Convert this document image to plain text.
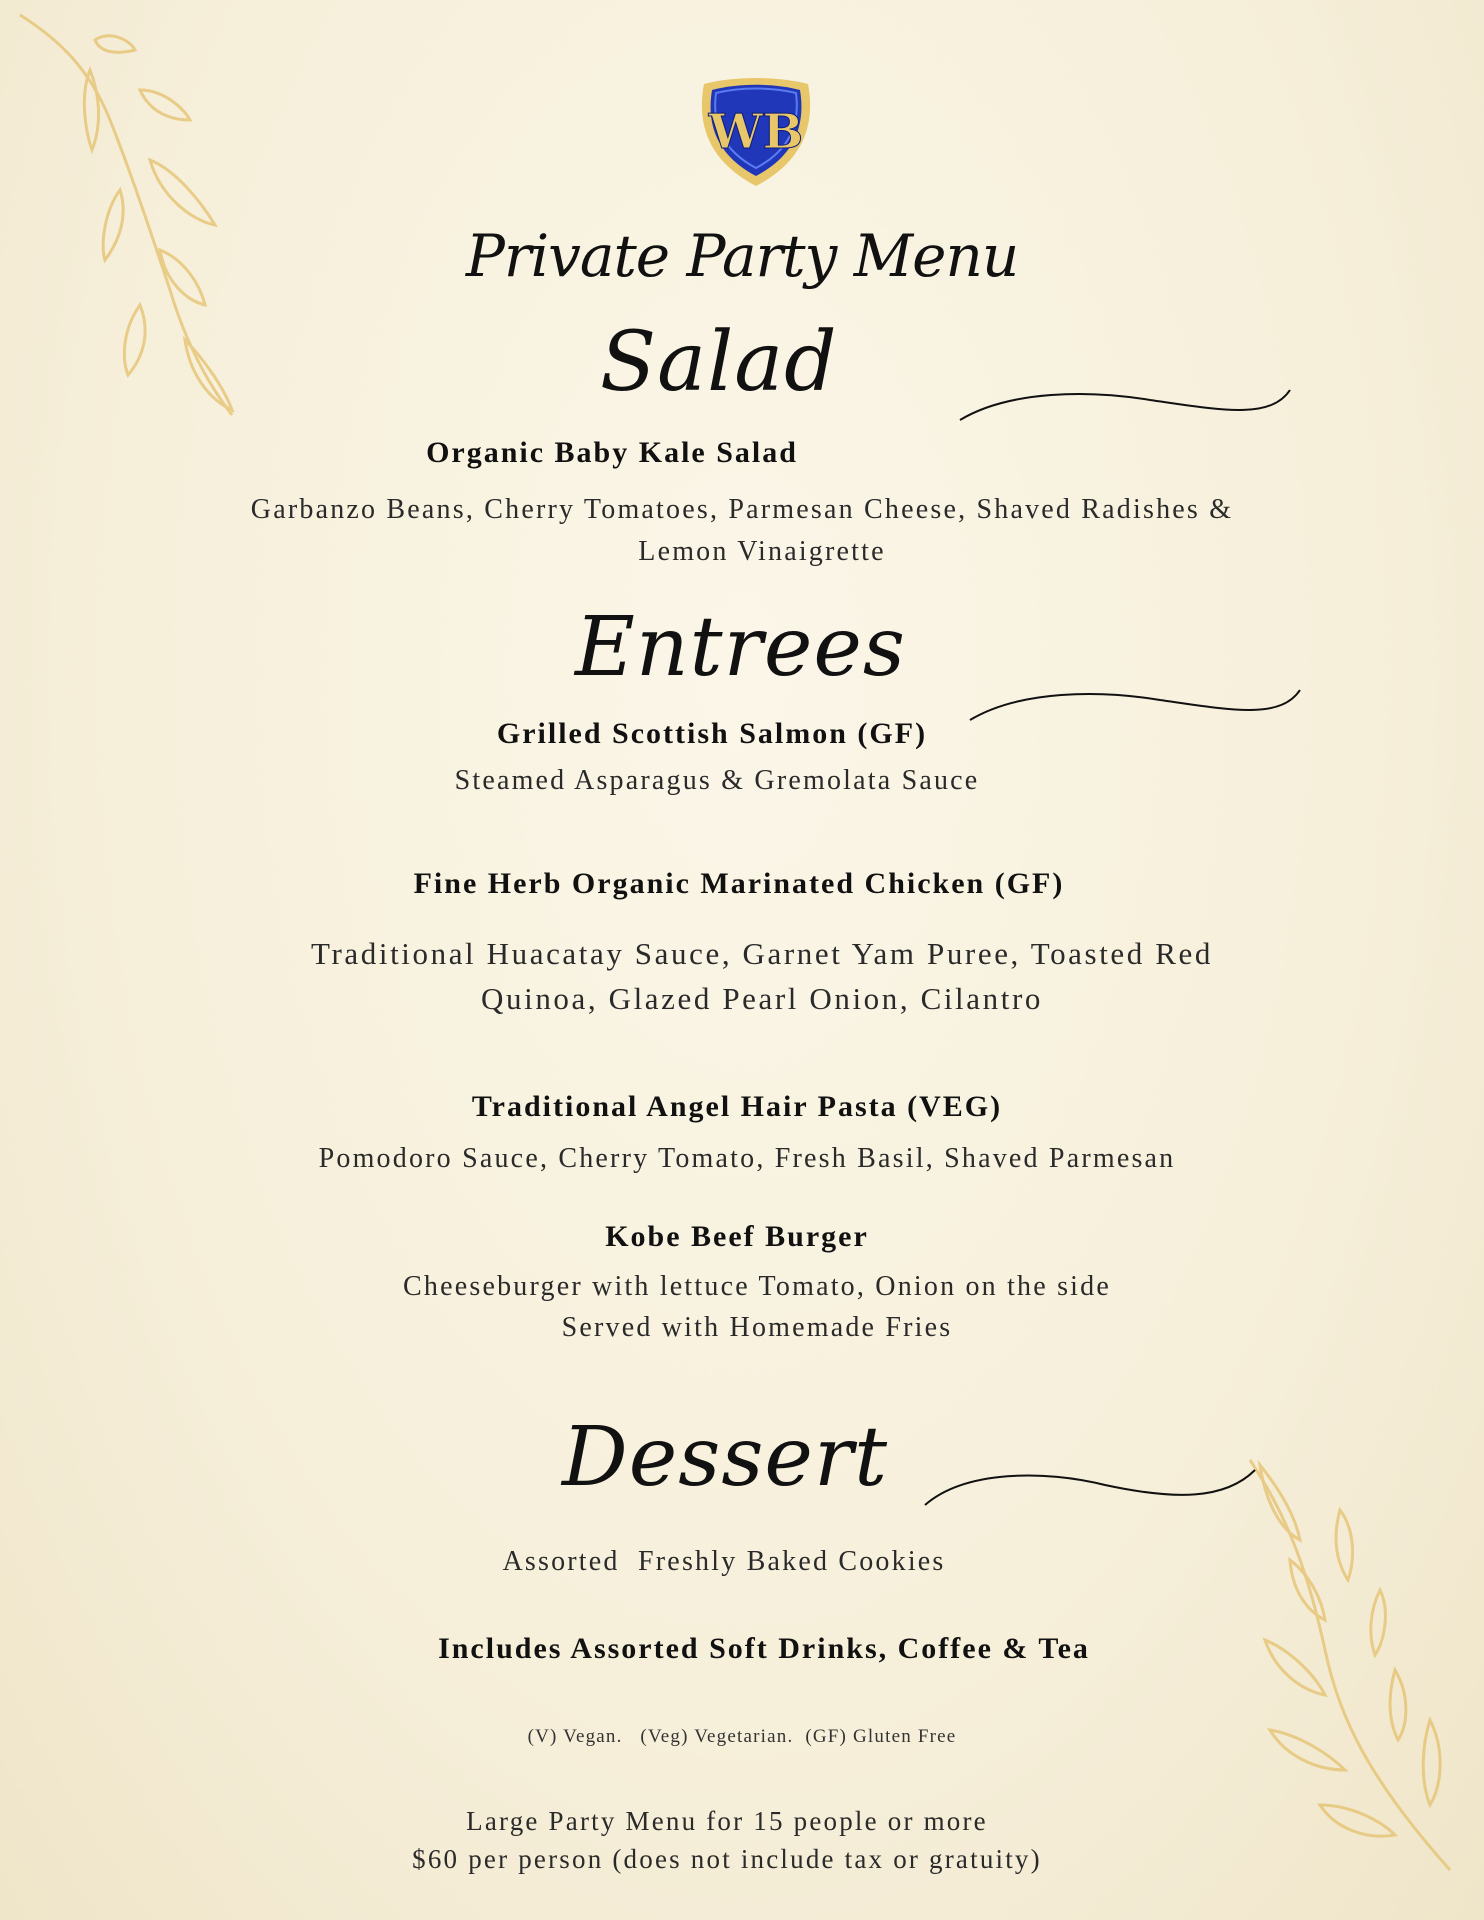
WB
Private Party Menu
Salad
Organic Baby Kale Salad
Garbanzo Beans, Cherry Tomatoes, Parmesan Cheese, Shaved Radishes &
Lemon Vinaigrette
Entrees
Grilled Scottish Salmon (GF)
Steamed Asparagus & Gremolata Sauce
Fine Herb Organic Marinated Chicken (GF)
Traditional Huacatay Sauce, Garnet Yam Puree, Toasted Red
Quinoa, Glazed Pearl Onion, Cilantro
Traditional Angel Hair Pasta (VEG)
Pomodoro Sauce, Cherry Tomato, Fresh Basil, Shaved Parmesan
Kobe Beef Burger
Cheeseburger with lettuce Tomato, Onion on the side
Served with Homemade Fries
Dessert
Assorted  Freshly Baked Cookies
Includes Assorted Soft Drinks, Coffee & Tea
(V) Vegan.   (Veg) Vegetarian.  (GF) Gluten Free
Large Party Menu for 15 people or more
$60 per person (does not include tax or gratuity)
